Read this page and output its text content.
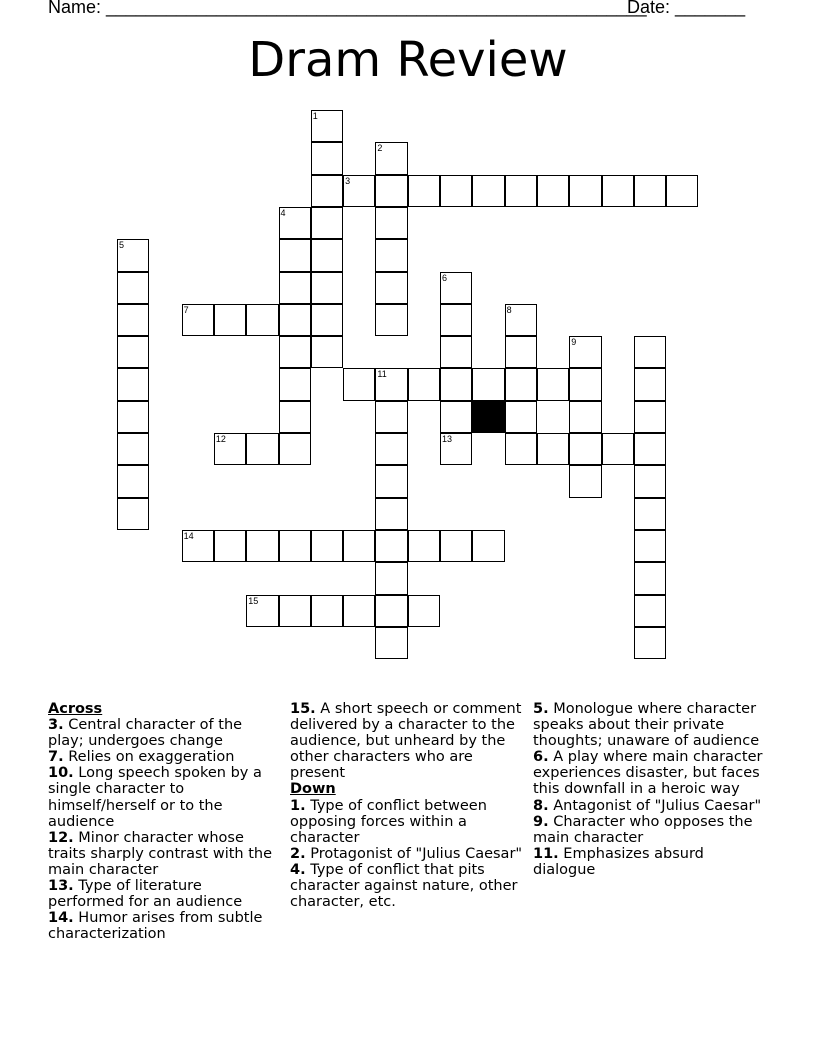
Name: ______________________________________________________
Date: _______
Dram Review
1
2
3
4
5
6
13
7	8
9
11
12
14
15
Across
3. Central character of the play; undergoes change
7. Relies on exaggeration
10. Long speech spoken by a single character to himself/herself or to the audience
12. Minor character whose traits sharply contrast with the main character
13. Type of literature performed for an audience
14. Humor arises from subtle characterization
15. A short speech or comment delivered by a character to the audience, but unheard by the other characters who are present
Down
1. Type of conflict between opposing forces within a character
2. Protagonist of "Julius Caesar"
4. Type of conflict that pits character against nature, other character, etc.
5. Monologue where character speaks about their private thoughts; unaware of audience
6. A play where main character experiences disaster, but faces this downfall in a heroic way
8. Antagonist of "Julius Caesar"
9. Character who opposes the main character
11. Emphasizes absurd dialogue
